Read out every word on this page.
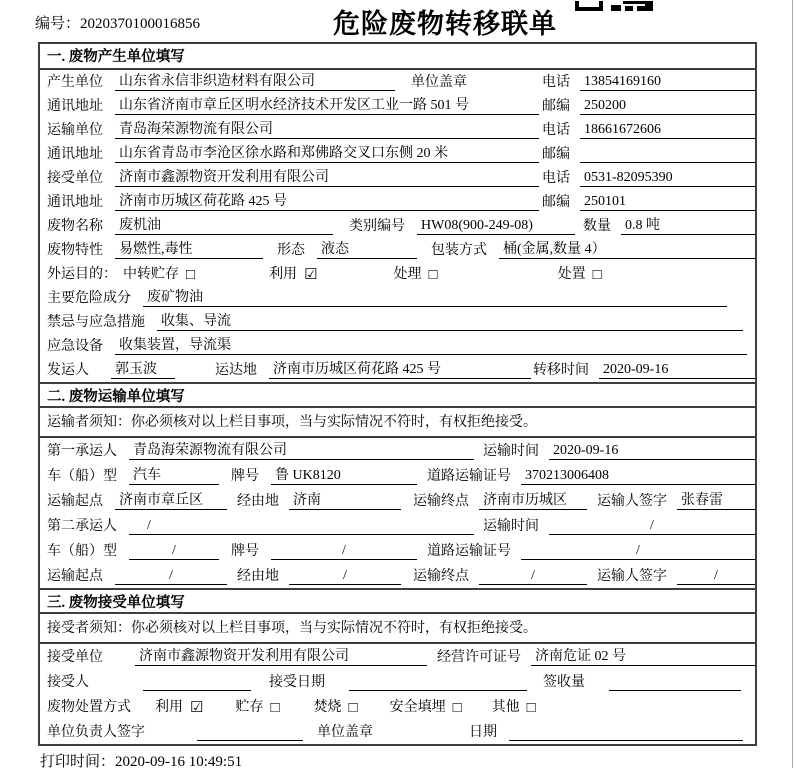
编号：2020370100016856	危险废物转移联单
一. 废物产生单位填写
产生单位 山东省永信非织造材料有限公司	单位盖章	电话 13854169160
通讯地址 山东省济南市章丘区明水经济技术开发区工业一路 501 号	邮编 250200
运输单位 青岛海荣源物流有限公司	电话 18661672606
通讯地址 山东省青岛市李沧区徐水路和郑佛路交叉口东侧 20 米	邮编
接受单位 济南市鑫源物资开发利用有限公司	电话 0531-82095390
通讯地址 济南市历城区荷花路 425 号	邮编 250101
废物名称 废机油	类别编号 HW08(900-249-08)	数量 0.8 吨
废物特性 易燃性,毒性	形态 液态	包装方式 桶(金属,数量 4）
外运目的： 中转贮存 □	利用 ☑	处理 □	处置 □
主要危险成分 废矿物油
禁忌与应急措施 收集、导流
应急设备 收集装置，导流渠
发运人 郭玉波	运达地 济南市历城区荷花路 425 号	转移时间 2020-09-16
二. 废物运输单位填写
运输者须知：你必须核对以上栏目事项，当与实际情况不符时，有权拒绝接受。
第一承运人 青岛海荣源物流有限公司	运输时间 2020-09-16
车（船）型 汽车	牌号 鲁 UK8120	道路运输证号 370213006408
运输起点 济南市章丘区	经由地 济南	运输终点 济南市历城区	运输人签字 张春雷
第二承运人	/	运输时间	/
车（船）型	/	牌号	/	道路运输证号	/
运输起点	/	经由地	/	运输终点	/	运输人签字	/
三. 废物接受单位填写
接受者须知：你必须核对以上栏目事项，当与实际情况不符时，有权拒绝接受。
接受单位	济南市鑫源物资开发利用有限公司	经营许可证号 济南危证 02 号
接受人	接受日期	签收量
废物处置方式 利用 ☑ 贮存 □ 焚烧 □ 安全填埋 □ 其他 □
单位负责人签字	单位盖章	日期
打印时间：2020-09-16 10:49:51
